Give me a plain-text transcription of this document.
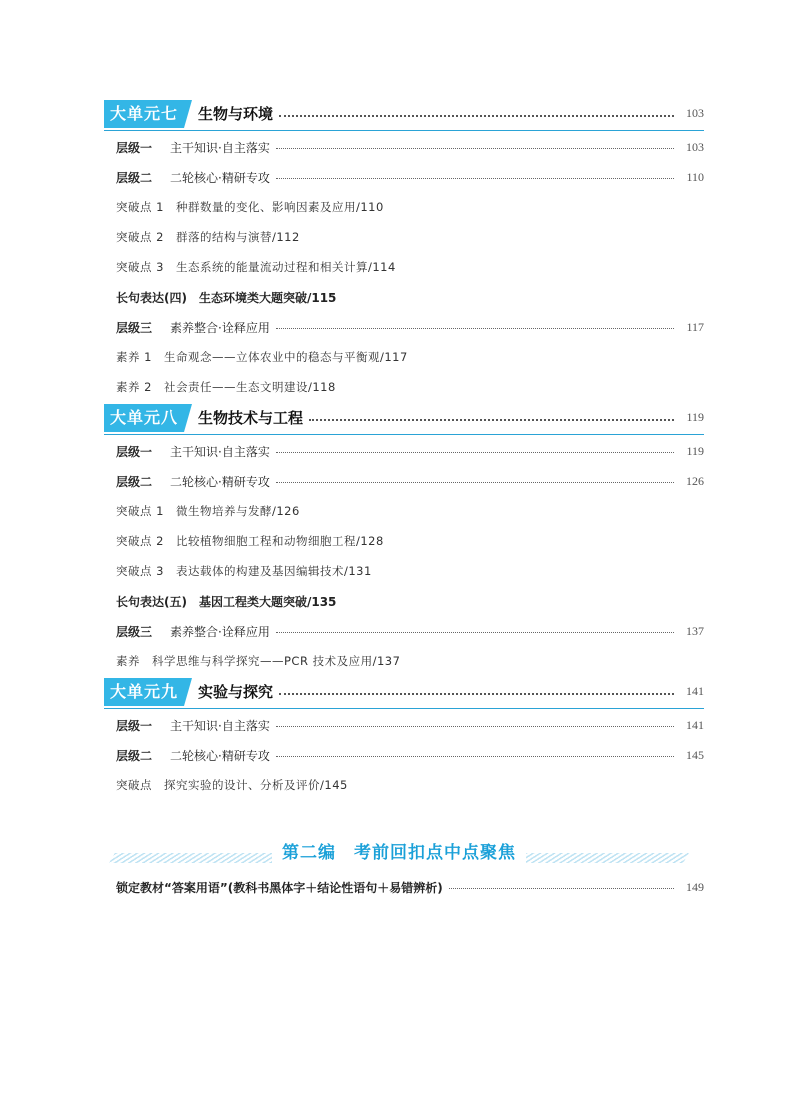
大单元七	生物与环境	103
层级一 主干知识·自主落实	103
层级二 二轮核心·精研专攻	110
突破点 1　种群数量的变化、影响因素及应用/110
突破点 2　群落的结构与演替/112
突破点 3　生态系统的能量流动过程和相关计算/114
长句表达(四)　生态环境类大题突破/115
层级三 素养整合·诠释应用	117
素养 1　生命观念——立体农业中的稳态与平衡观/117
素养 2　社会责任——生态文明建设/118
大单元八	生物技术与工程	119
层级一 主干知识·自主落实	119
层级二 二轮核心·精研专攻	126
突破点 1　微生物培养与发酵/126
突破点 2　比较植物细胞工程和动物细胞工程/128
突破点 3　表达载体的构建及基因编辑技术/131
长句表达(五)　基因工程类大题突破/135
层级三 素养整合·诠释应用	137
素养　科学思维与科学探究——PCR 技术及应用/137
大单元九	实验与探究	141
层级一 主干知识·自主落实	141
层级二 二轮核心·精研专攻	145
突破点　探究实验的设计、分析及评价/145
第二编　考前回扣点中点聚焦
锁定教材“答案用语”(教科书黑体字＋结论性语句＋易错辨析)	149
